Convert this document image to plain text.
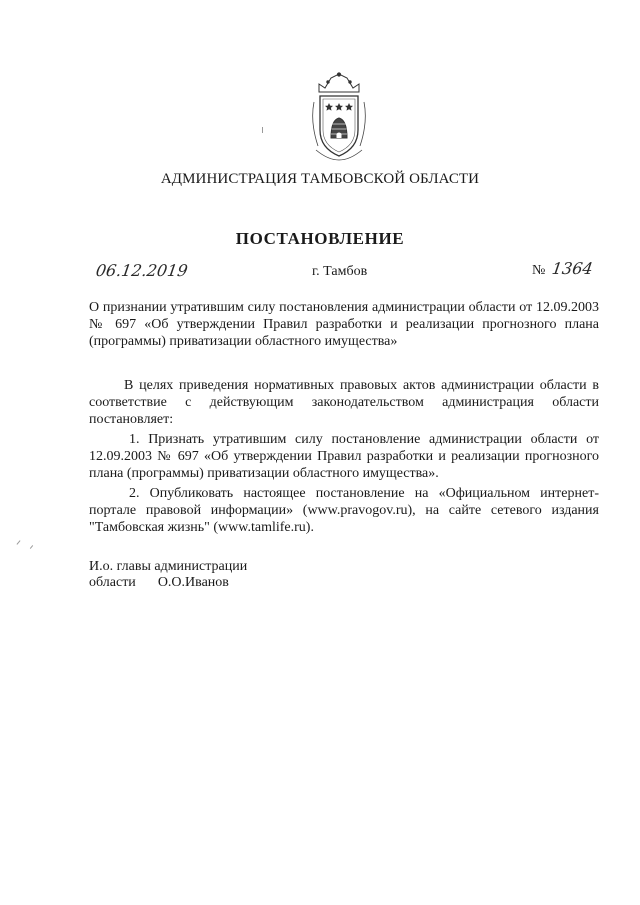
АДМИНИСТРАЦИЯ ТАМБОВСКОЙ ОБЛАСТИ
ПОСТАНОВЛЕНИЕ
06.12.2019	г. Тамбов	№ 1364
О признании утратившим силу постановления администрации области от 12.09.2003 № 697 «Об утверждении Правил разработки и реализации прогнозного плана (программы) приватизации областного имущества»
В целях приведения нормативных правовых актов администрации области в соответствие с действующим законодательством администрация области постановляет:
1. Признать утратившим силу постановление администрации области от 12.09.2003 № 697 «Об утверждении Правил разработки и реализации прогнозного плана (программы) приватизации областного имущества».
2. Опубликовать настоящее постановление на «Официальном интернет-портале правовой информации» (www.pravogov.ru), на сайте сетевого издания "Тамбовская жизнь" (www.tamlife.ru).
И.о. главы администрации
области О.О.Иванов
